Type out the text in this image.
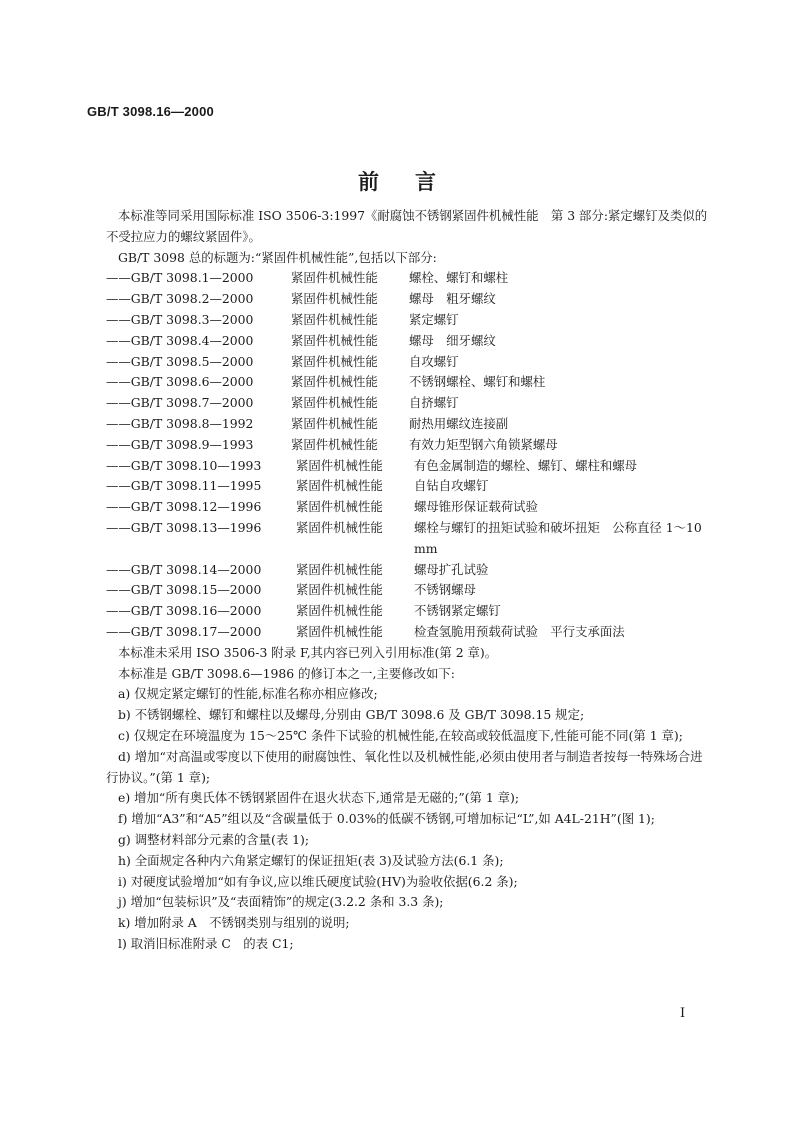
GB/T 3098.16—2000
前言

本标准等同采用国际标准 ISO 3506-3:1997《耐腐蚀不锈钢紧固件机械性能　第 3 部分:紧定螺钉及类似的不受拉应力的螺纹紧固件》。

GB/T 3098 总的标题为:“紧固件机械性能”,包括以下部分:

——GB/T 3098.1—2000	紧固件机械性能	螺栓、螺钉和螺柱
——GB/T 3098.2—2000	紧固件机械性能	螺母　粗牙螺纹
——GB/T 3098.3—2000	紧固件机械性能	紧定螺钉
——GB/T 3098.4—2000	紧固件机械性能	螺母　细牙螺纹
——GB/T 3098.5—2000	紧固件机械性能	自攻螺钉
——GB/T 3098.6—2000	紧固件机械性能	不锈钢螺栓、螺钉和螺柱
——GB/T 3098.7—2000	紧固件机械性能	自挤螺钉
——GB/T 3098.8—1992	紧固件机械性能	耐热用螺纹连接副
——GB/T 3098.9—1993	紧固件机械性能	有效力矩型钢六角锁紧螺母
——GB/T 3098.10—1993	紧固件机械性能	有色金属制造的螺栓、螺钉、螺柱和螺母
——GB/T 3098.11—1995	紧固件机械性能	自钻自攻螺钉
——GB/T 3098.12—1996	紧固件机械性能	螺母锥形保证载荷试验
——GB/T 3098.13—1996	紧固件机械性能	螺栓与螺钉的扭矩试验和破坏扭矩　公称直径 1～10 mm
——GB/T 3098.14—2000	紧固件机械性能	螺母扩孔试验
——GB/T 3098.15—2000	紧固件机械性能	不锈钢螺母
——GB/T 3098.16—2000	紧固件机械性能	不锈钢紧定螺钉
——GB/T 3098.17—2000	紧固件机械性能	检查氢脆用预载荷试验　平行支承面法

本标准未采用 ISO 3506-3 附录 F,其内容已列入引用标准(第 2 章)。

本标准是 GB/T 3098.6—1986 的修订本之一,主要修改如下:

a) 仅规定紧定螺钉的性能,标准名称亦相应修改;

b) 不锈钢螺栓、螺钉和螺柱以及螺母,分别由 GB/T 3098.6 及 GB/T 3098.15 规定;

c) 仅规定在环境温度为 15～25℃ 条件下试验的机械性能,在较高或较低温度下,性能可能不同(第 1 章);

d) 增加“对高温或零度以下使用的耐腐蚀性、氧化性以及机械性能,必须由使用者与制造者按每一特殊场合进行协议。”(第 1 章);

e) 增加“所有奥氏体不锈钢紧固件在退火状态下,通常是无磁的;”(第 1 章);

f) 增加“A3”和“A5”组以及“含碳量低于 0.03%的低碳不锈钢,可增加标记“L”,如 A4L-21H”(图 1);

g) 调整材料部分元素的含量(表 1);

h) 全面规定各种内六角紧定螺钉的保证扭矩(表 3)及试验方法(6.1 条);

i) 对硬度试验增加“如有争议,应以维氏硬度试验(HV)为验收依据(6.2 条);

j) 增加“包装标识”及“表面精饰”的规定(3.2.2 条和 3.3 条);

k) 增加附录 A　不锈钢类别与组别的说明;

l) 取消旧标准附录 C　的表 C1;

I
